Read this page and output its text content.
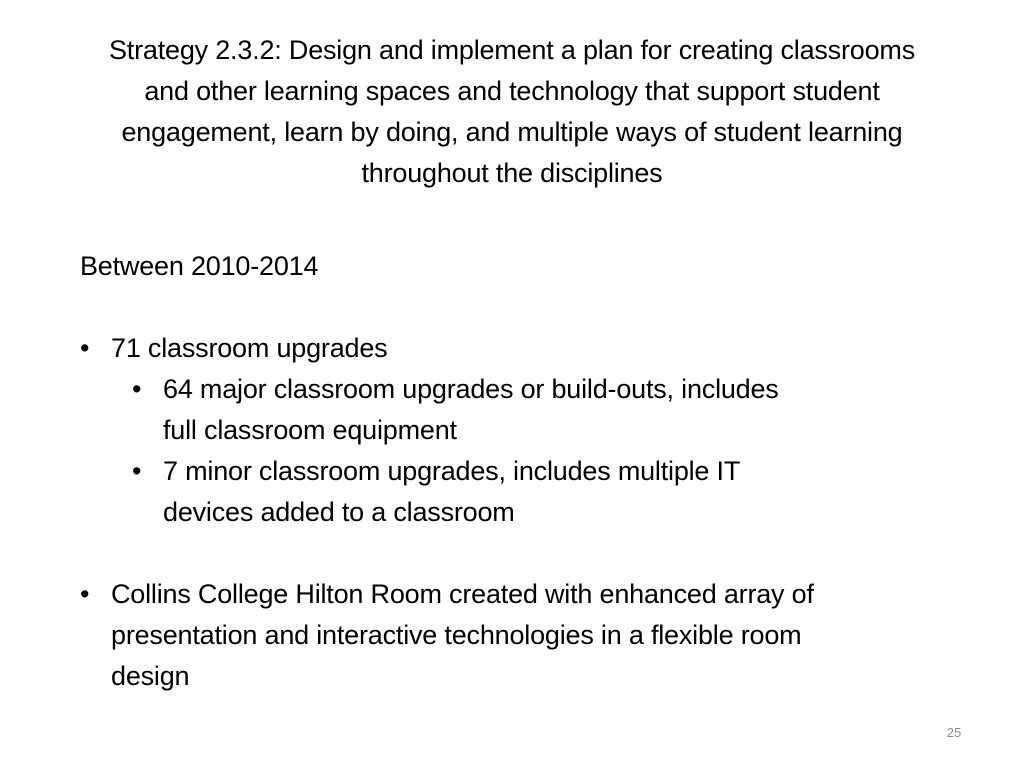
Strategy 2.3.2: Design and implement a plan for creating classrooms
and other learning spaces and technology that support student
engagement, learn by doing, and multiple ways of student learning
throughout the disciplines
Between 2010-2014
• 71 classroom upgrades
• 64 major classroom upgrades or build-outs, includes
full classroom equipment
• 7 minor classroom upgrades, includes multiple IT
devices added to a classroom
• Collins College Hilton Room created with enhanced array of
presentation and interactive technologies in a flexible room
design
25
